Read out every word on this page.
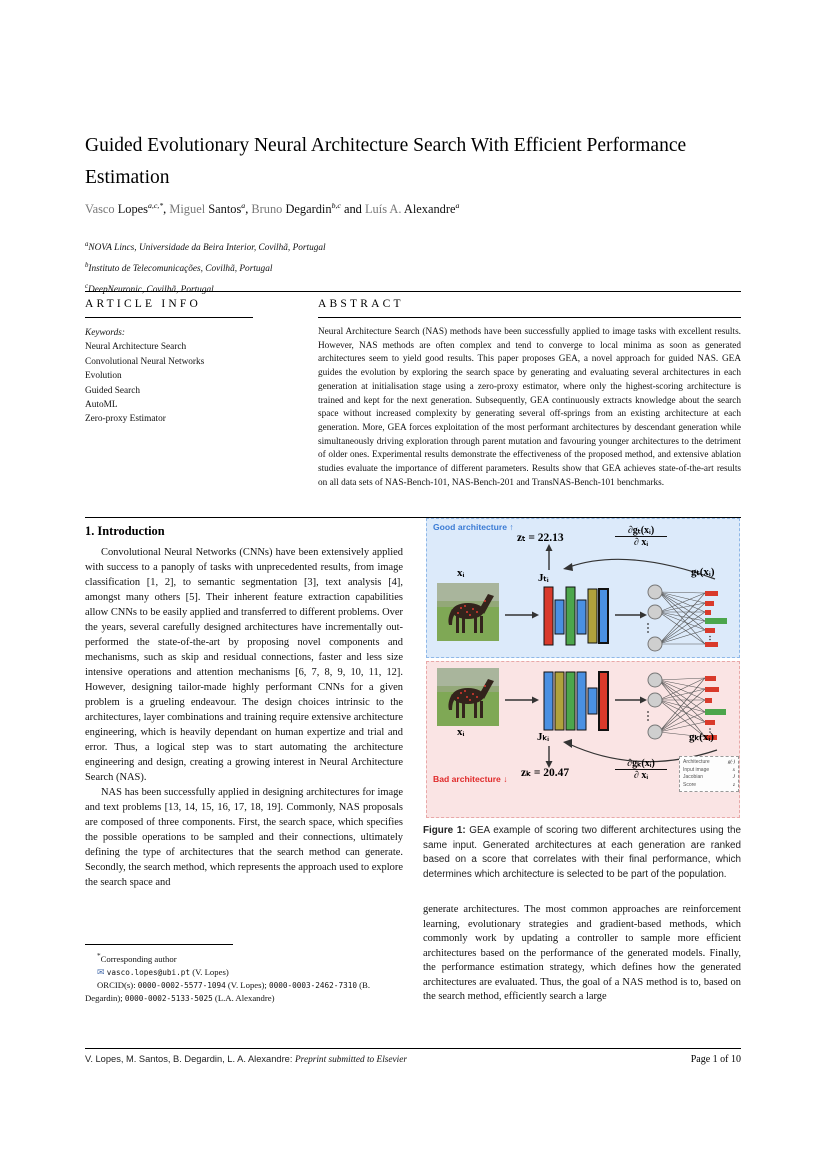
Guided Evolutionary Neural Architecture Search With Efficient Performance Estimation
Vasco Lopes$^{a,c,*}$, Miguel Santos$^a$, Bruno Degardin$^{b,c}$ and Luís A. Alexandre$^a$
$^a$NOVA Lincs, Universidade da Beira Interior, Covilhã, Portugal
$^b$Instituto de Telecomunicações, Covilhã, Portugal
$^c$
ARTICLE INFO
Keywords:
Neural Architecture Search
Convolutional Neural Networks
Evolution
Guided Search
AutoML
Zero-proxy Estimator
ABSTRACT
Neural Architecture Search (NAS) methods have been successfully applied to image tasks with excellent results. However, NAS methods are often complex and tend to converge to local minima as soon as generated architectures seem to yield good results. This paper proposes GEA, a novel approach for guided NAS. GEA guides the evolution by exploring the search space by generating and evaluating several architectures in each generation at initialisation stage using a zero-proxy estimator, where only the highest-scoring architecture is trained and kept for the next generation. Subsequently, GEA continuously extracts knowledge about the search space without increased complexity by generating several off-springs from an existing architecture at each generation. More, GEA forces exploitation of the most performant architectures by descendant generation while simultaneously driving exploration through parent mutation and favouring younger architectures to the detriment of older ones. Experimental results demonstrate the effectiveness of the proposed method, and extensive ablation studies evaluate the importance of different parameters. Results show that GEA achieves state-of-the-art results on all data sets of NAS-Bench-101, NAS-Bench-201 and TransNAS-Bench-101 benchmarks.
1. Introduction

Convolutional Neural Networks (CNNs) have been extensively applied with success to a panoply of tasks with unprecedented results, from image classification [1, 2], to semantic segmentation [3], text analysis [4], amongst many others [5]. Their inherent feature extraction capabilities allow CNNs to be easily applied and transferred to different problems. Over the years, several carefully designed architectures have incrementally out-performed the state-of-the-art by proposing novel components and mechanisms, such as skip and residual connections, faster and less size intensive operations and attention mechanisms [6, 7, 8, 9, 10, 11, 12]. However, designing tailor-made highly performant CNNs for a given problem is a grueling endeavour. The design choices intrinsic to the architectures, layer combinations and training require extensive architecture engineering, which is heavily dependant on human expertize and trial and error. Thus, a logical step was to start automating the architecture engineering and design, creating a growing interest in Neural Architecture Search (NAS).

NAS has been successfully applied in designing architectures for image and text problems [13, 14, 15, 16, 17, 18, 19]. Commonly, NAS proposals are composed of three components. First, the search space, which specifies the possible operations to be sampled and their connections, ultimately defining the type of architectures that the search method can generate. Secondly, the search method, which represents the approach used to explore the search space and

*Corresponding author
✉ vasco.lopes@ubi.pt (V. Lopes)
ORCID(s): 0000-0002-5577-1094 (V. Lopes); 0000-0003-2462-7310 (B. Degardin); 0000-0002-5133-5025 (L.A. Alexandre)
Good architecture ↑
zₜ = 22.13	$\frac{\text{∂gₜ(xᵢ)}}{\text{∂ xᵢ}}$
xᵢ	Jₜᵢ	gₜ(xᵢ)
xᵢ	Jₖᵢ	gₖ(xᵢ)
zₖ = 20.47	$\frac{\text{∂gₖ(xᵢ)}}{\text{∂ xᵢ}}$
Bad architecture ↓
Architecture	g(·)
Input image	x
Jacobian	J
Score	z
Figure 1: GEA example of scoring two different architectures using the same input. Generated architectures at each generation are ranked based on a score that correlates with their final performance, which determines which architecture is selected to be part of the population.
generate architectures. The most common approaches are reinforcement learning, evolutionary strategies and gradient-based methods, which commonly work by updating a controller to sample more efficient architectures based on the performance of the generated models. Finally, the performance estimation strategy, which defines how the generated architectures are evaluated. Thus, the goal of a NAS method is to, based on the search method, efficiently search a large
V. Lopes, M. Santos, B. Degardin, L. A. Alexandre: Preprint submitted to Elsevier	Page 1 of 10
